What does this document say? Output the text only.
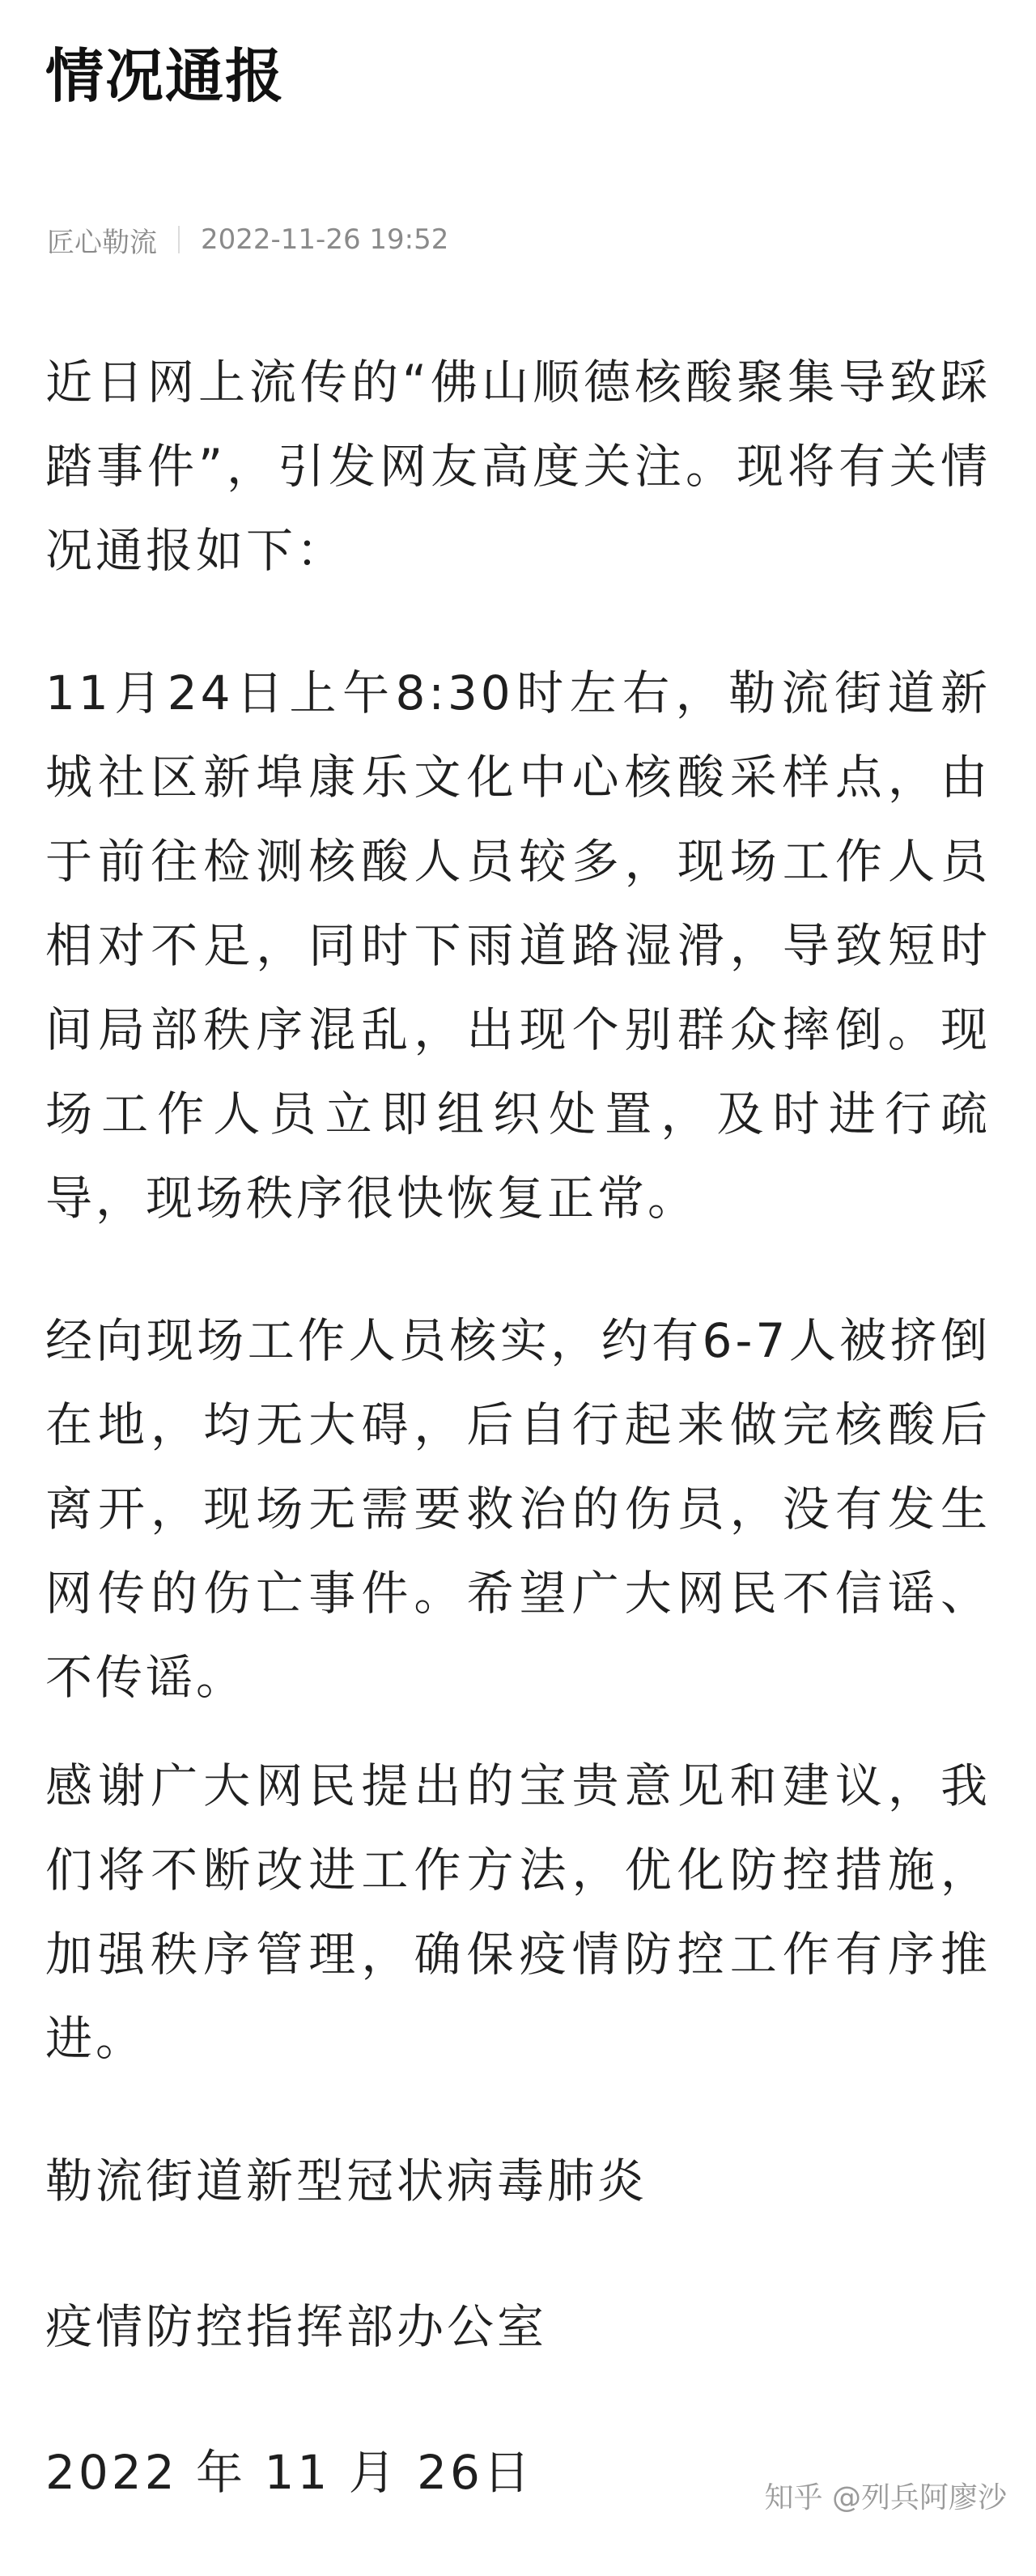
情况通报
匠心勒流 2022-11-26 19:52

近日网上流传的“佛山顺德核酸聚集导致踩踏事件”，引发网友高度关注。现将有关情况通报如下：

11月24日上午8:30时左右，勒流街道新城社区新埠康乐文化中心核酸采样点，由于前往检测核酸人员较多，现场工作人员相对不足，同时下雨道路湿滑，导致短时间局部秩序混乱，出现个别群众摔倒。现场工作人员立即组织处置，及时进行疏导，现场秩序很快恢复正常。

经向现场工作人员核实，约有6-7人被挤倒在地，均无大碍，后自行起来做完核酸后离开，现场无需要救治的伤员，没有发生网传的伤亡事件。希望广大网民不信谣、不传谣。

感谢广大网民提出的宝贵意见和建议，我们将不断改进工作方法，优化防控措施，加强秩序管理，确保疫情防控工作有序推进。

勒流街道新型冠状病毒肺炎

疫情防控指挥部办公室

2022 年 11 月 26日	知乎 @列兵阿廖沙
